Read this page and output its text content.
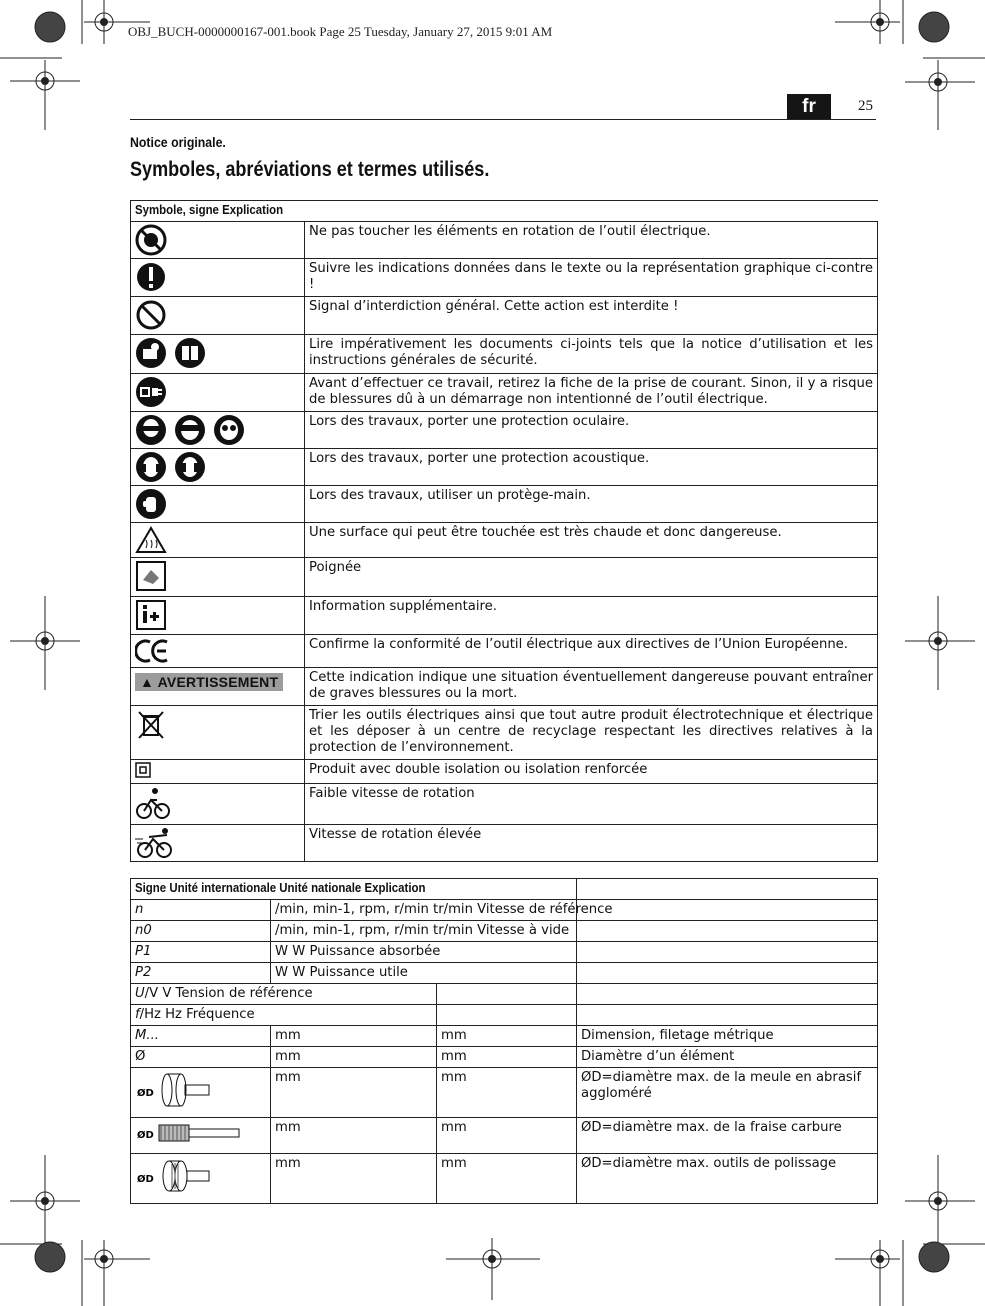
OBJ_BUCH-0000000167-001.book Page 25 Tuesday, January 27, 2015 9:01 AM
fr	25
Notice originale.
Symboles, abréviations et termes utilisés.
Symbole, signe Explication	
	Ne pas toucher les éléments en rotation de l’outil électrique.
	Suivre les indications données dans le texte ou la représentation graphique ci-contre !
	Signal d’interdiction général. Cette action est interdite !
	Lire impérativement les documents ci-joints tels que la notice d’utilisation et les instructions générales de sécurité.
	Avant d’effectuer ce travail, retirez la fiche de la prise de courant. Sinon, il y a risque de blessures dû à un démarrage non intentionné de l’outil électrique.
	Lors des travaux, porter une protection oculaire.
	Lors des travaux, porter une protection acoustique.
	Lors des travaux, utiliser un protège-main.
	Une surface qui peut être touchée est très chaude et donc dangereuse.
	Poignée
	Information supplémentaire.
	Confirme la conformité de l’outil électrique aux directives de l’Union Européenne.
▲ AVERTISSEMENT	Cette indication indique une situation éventuellement dangereuse pouvant entraîner de graves blessures ou la mort.
	Trier les outils électriques ainsi que tout autre produit électrotechnique et électrique et les déposer à un centre de recyclage respectant les directives relatives à la protection de l’environnement.
	Produit avec double isolation ou isolation renforcée
	Faible vitesse de rotation
	Vitesse de rotation élevée
Signe Unité internationale Unité nationale Explication			
n	/min, min-1, rpm, r/min tr/min Vitesse de référence		
n0	/min, min-1, rpm, r/min tr/min Vitesse à vide		
P1	W W Puissance absorbée		
P2	W W Puissance utile		
U/V V Tension de référence			
f/Hz Hz Fréquence			
M...	mm	mm	Dimension, filetage métrique
Ø	mm	mm	Diamètre d’un élément

ØD	mm	mm	ØD=diamètre max. de la meule en abrasif aggloméré

ØD	mm	mm	ØD=diamètre max. de la fraise carbure

ØD	mm	mm	ØD=diamètre max. outils de polissage
